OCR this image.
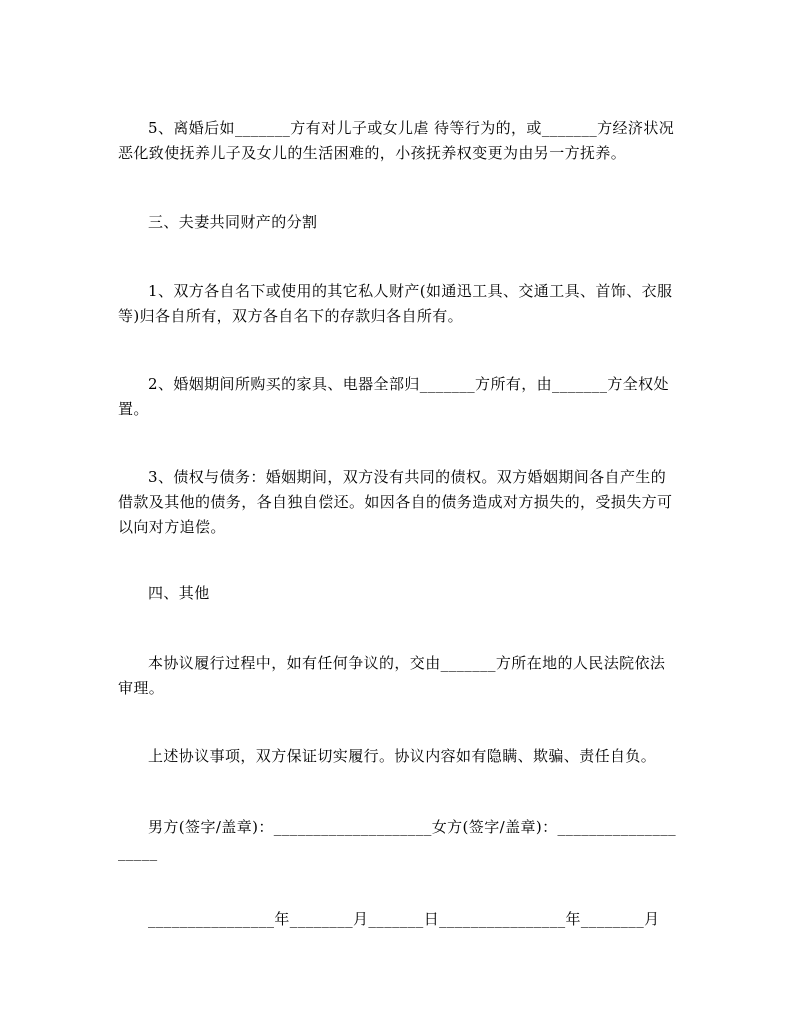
5、离婚后如_______方有对儿子或女儿虐 待等行为的，或_______方经济状况恶化致使抚养儿子及女儿的生活困难的，小孩抚养权变更为由另一方抚养。
三、夫妻共同财产的分割
1、双方各自名下或使用的其它私人财产(如通迅工具、交通工具、首饰、衣服等)归各自所有，双方各自名下的存款归各自所有。
2、婚姻期间所购买的家具、电器全部归_______方所有，由_______方全权处置。
3、债权与债务：婚姻期间，双方没有共同的债权。双方婚姻期间各自产生的借款及其他的债务，各自独自偿还。如因各自的债务造成对方损失的，受损失方可以向对方追偿。
四、其他
本协议履行过程中，如有任何争议的，交由_______方所在地的人民法院依法审理。
上述协议事项，双方保证切实履行。协议内容如有隐瞒、欺骗、责任自负。
男方(签字/盖章)：____________________女方(签字/盖章)：____________________
________________年________月_______日________________年________月
